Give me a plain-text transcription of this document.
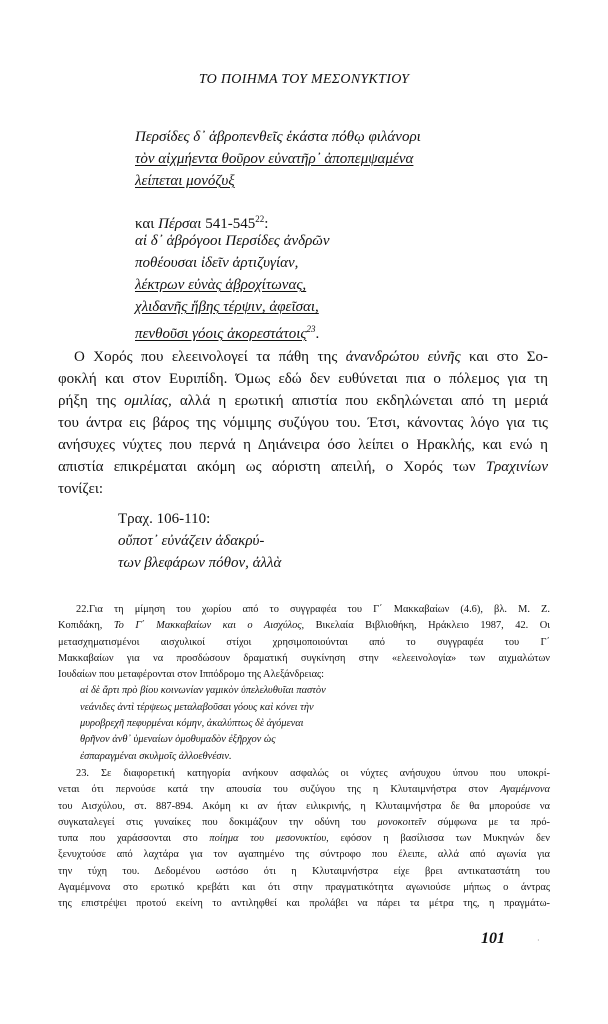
ΤΟ ΠΟΙΗΜΑ ΤΟΥ ΜΕΣΟΝΥΚΤΙΟΥ
Περσίδες δ᾽ ἁβροπενθεῖς ἑκάστα πόθῳ φιλάνορι
τὸν αἰχμήεντα θοῦρον εὐνατῆρ᾽ ἀποπεμψαμένα
λείπεται μονόζυξ
και Πέρσαι $541-545^{22}$:
αἱ δ᾽ ἁβρόγοοι Περσίδες ἀνδρῶν
ποθέουσαι ἰδεῖν ἀρτιζυγίαν,
λέκτρων εὐνὰς ἁβροχίτωνας,
χλιδανῆς ἥβης τέρψιν, ἀφεῖσαι,
πενθοῦσι γόοις ἀκορεστάτοις$^{23}$.
Ο Χορός που ελεεινολογεί τα πάθη της ἀνανδρώτου εὐνῆς και στο Σο-
φοκλή και στον Ευριπίδη. Όμως εδώ δεν ευθύνεται πια ο πόλεμος για τη
ρήξη της ομιλίας, αλλά η ερωτική απιστία που εκδηλώνεται από τη μεριά
του άντρα εις βάρος της νόμιμης συζύγου του. Έτσι, κάνοντας λόγο για τις
ανήσυχες νύχτες που περνά η Δηιάνειρα όσο λείπει ο Ηρακλής, και ενώ η
απιστία επικρέμαται ακόμη ως αόριστη απειλή, ο Χορός των Τραχινίων
τονίζει:
Τραχ. 106-110:
οὔποτ᾽ εὐνάζειν ἀδακρύ-
των βλεφάρων πόθον, ἀλλὰ
22.Για τη μίμηση του χωρίου από το συγγραφέα του Γ΄ Μακκαβαίων (4.6), βλ. Μ. Ζ.
Κοπιδάκη, Το Γ΄ Μακκαβαίων και ο Αισχύλος, Βικελαία Βιβλιοθήκη, Ηράκλειο 1987, 42. Οι
μετασχηματισμένοι αισχυλικοί στίχοι χρησιμοποιούνται από το συγγραφέα του Γ΄
Μακκαβαίων για να προσδώσουν δραματική συγκίνηση στην «ελεεινολογία» των αιχμαλώτων
Ιουδαίων που μεταφέρονται στον Ιππόδρομο της Αλεξάνδρειας:
αἱ δὲ ἄρτι πρὸ βίου κοινωνίαν γαμικὸν ὑπελελυθυῖαι παστὸν
νεάνιδες ἀντὶ τέρψεως μεταλαβοῦσαι γόους καὶ κόνει τὴν
μυροβρεχῆ πεφυρμέναι κόμην, ἀκαλύπτως δὲ ἀγόμεναι
θρῆνον ἀνθ᾽ ὑμεναίων ὁμοθυμαδὸν ἐξῆρχον ὡς
ἐσπαραγμέναι σκυλμοῖς ἀλλοεθνέσιν.
23. Σε διαφορετική κατηγορία ανήκουν ασφαλώς οι νύχτες ανήσυχου ύπνου που υποκρί-
νεται ότι περνούσε κατά την απουσία του συζύγου της η Κλυταιμνήστρα στον Αγαμέμνονα
του Αισχύλου, στ. 887-894. Ακόμη κι αν ήταν ειλικρινής, η Κλυταιμνήστρα δε θα μπορούσε να
συγκαταλεγεί στις γυναίκες που δοκιμάζουν την οδύνη του μονοκοιτεῖν σύμφωνα με τα πρό-
τυπα που χαράσσονται στο ποίημα του μεσονυκτίου, εφόσον η βασίλισσα των Μυκηνών δεν
ξενυχτούσε από λαχτάρα για τον αγαπημένο της σύντροφο που έλειπε, αλλά από αγωνία για
την τύχη του. Δεδομένου ωστόσο ότι η Κλυταιμνήστρα είχε βρει αντικαταστάτη του
Αγαμέμνονα στο ερωτικό κρεβάτι και ότι στην πραγματικότητα αγωνιούσε μήπως ο άντρας
της επιστρέψει προτού εκείνη το αντιληφθεί και προλάβει να πάρει τα μέτρα της, η πραγμάτω-
101	·
